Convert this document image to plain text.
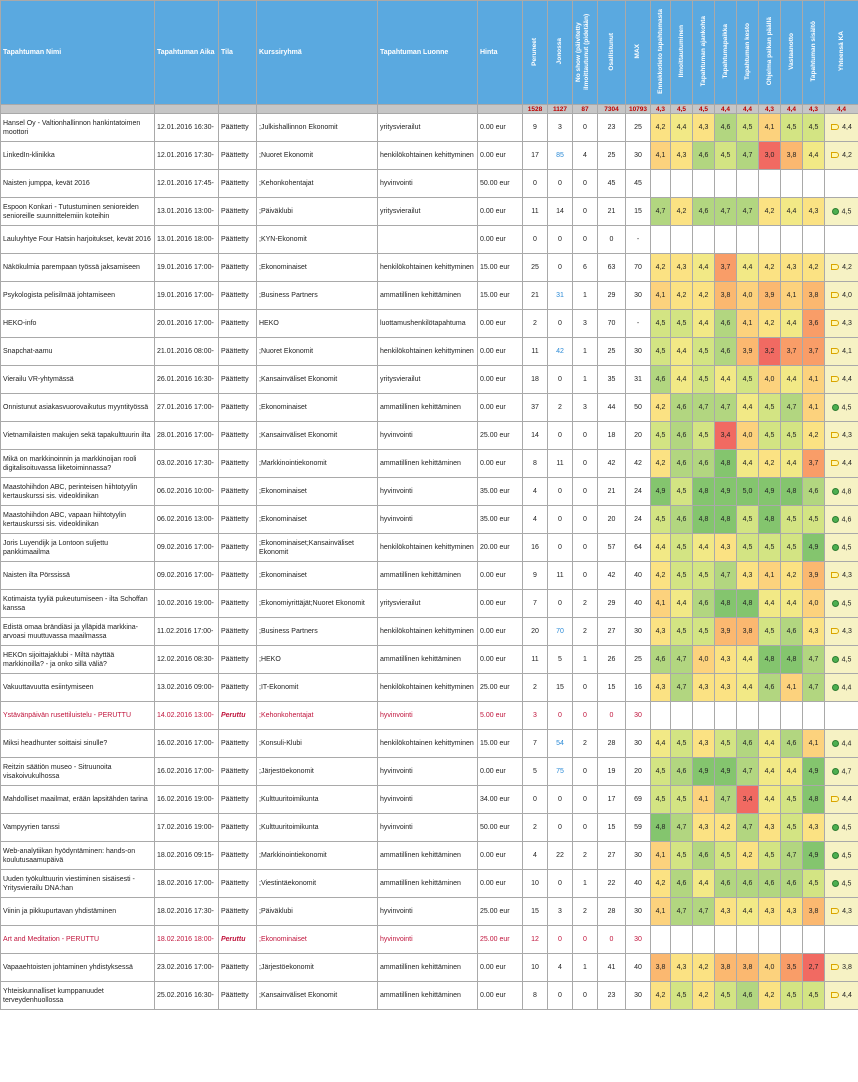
Tapahtuman Nimi	Tapahtuman Aika	Tila	Kurssiryhmä	Tapahtuman Luonne	Hinta	Peruneet	Jonossa	No show (päivitetty ilmoittautunut (pidetään)	Osallistunut	MAX	Ennakkotieto tapahtumasta	Ilmoittautuminen	Tapahtuman ajankohta	Tapahtumapaikka	Tapahtuman kesto	Ohjelma paikan päällä	Vastaanotto	Tapahtuman sisältö	Yhteensä KA
						1528	1127	87	7304	10793	4,3	4,5	4,5	4,4	4,4	4,3	4,4	4,3	4,4
Hansel Oy - Valtionhallinnon hankintatoimen moottori	12.01.2016 16:30-	Päättetty	;Julkishallinnon Ekonomit	yritysvierailut	0.00 eur	9	3	0	23	25	4,2	4,4	4,3	4,6	4,5	4,1	4,5	4,5	4,4
LinkedIn-klinikka	12.01.2016 17:30-	Päättetty	;Nuoret Ekonomit	henkilökohtainen kehittyminen	0.00 eur	17	85	4	25	30	4,1	4,3	4,6	4,5	4,7	3,0	3,8	4,4	4,2
Naisten jumppa, kevät 2016	12.01.2016 17:45-	Päättetty	;Kehonkohentajat	hyvinvointi	50.00 eur	0	0	0	45	45									
Espoon Konkari - Tutustuminen senioreiden senioreille suunnittelemiin koteihin	13.01.2016 13:00-	Päättetty	;Päiväklubi	yritysvierailut	0.00 eur	11	14	0	21	15	4,7	4,2	4,6	4,7	4,7	4,2	4,4	4,3	4,5
Lauluyhtye Four Hatsin harjoitukset, kevät 2016	13.01.2016 18:00-	Päättetty	;KYN-Ekonomit		0.00 eur	0	0	0	0	-									
Näkökulmia parempaan työssä jaksamiseen	19.01.2016 17:00-	Päättetty	;Ekonominaiset	henkilökohtainen kehittyminen	15.00 eur	25	0	6	63	70	4,2	4,3	4,4	3,7	4,4	4,2	4,3	4,2	4,2
Psykologista pelisilmää johtamiseen	19.01.2016 17:00-	Päättetty	;Business Partners	ammatillinen kehittäminen	15.00 eur	21	31	1	29	30	4,1	4,2	4,2	3,8	4,0	3,9	4,1	3,8	4,0
HEKO-info	20.01.2016 17:00-	Päättetty	HEKO	luottamushenkilötapahtuma	0.00 eur	2	0	3	70	-	4,5	4,5	4,4	4,6	4,1	4,2	4,4	3,6	4,3
Snapchat-aamu	21.01.2016 08:00-	Päättetty	;Nuoret Ekonomit	henkilökohtainen kehittyminen	0.00 eur	11	42	1	25	30	4,5	4,4	4,5	4,6	3,9	3,2	3,7	3,7	4,1
Vierailu VR-yhtymässä	26.01.2016 16:30-	Päättetty	;Kansainväliset Ekonomit	yritysvierailut	0.00 eur	18	0	1	35	31	4,6	4,4	4,5	4,4	4,5	4,0	4,4	4,1	4,4
Onnistunut asiakasvuorovaikutus myyntityössä	27.01.2016 17:00-	Päättetty	;Ekonominaiset	ammatillinen kehittäminen	0.00 eur	37	2	3	44	50	4,2	4,6	4,7	4,7	4,4	4,5	4,7	4,1	4,5
Vietnamilaisten makujen sekä tapakulttuurin ilta	28.01.2016 17:00-	Päättetty	;Kansainväliset Ekonomit	hyvinvointi	25.00 eur	14	0	0	18	20	4,5	4,6	4,5	3,4	4,0	4,5	4,5	4,2	4,3
Mikä on markkinoinnin ja markkinoijan rooli digitalisoituvassa liiketoiminnassa?	03.02.2016 17:30-	Päättetty	;Markkinointiekonomit	ammatillinen kehittäminen	0.00 eur	8	11	0	42	42	4,2	4,6	4,6	4,8	4,4	4,2	4,4	3,7	4,4
Maastohiihdon ABC, perinteisen hiihtotyylin kertauskurssi sis. videoklinikan	06.02.2016 10:00-	Päättetty	;Ekonominaiset	hyvinvointi	35.00 eur	4	0	0	21	24	4,9	4,5	4,8	4,9	5,0	4,9	4,8	4,6	4,8
Maastohiihdon ABC, vapaan hiihtotyylin kertauskurssi sis. videoklinikan	06.02.2016 13:00-	Päättetty	;Ekonominaiset	hyvinvointi	35.00 eur	4	0	0	20	24	4,5	4,6	4,8	4,8	4,5	4,8	4,5	4,5	4,6
Joris Luyendijk ja Lontoon suljettu pankkimaailma	09.02.2016 17:00-	Päättetty	;Ekonominaiset;Kansainväliset Ekonomit	henkilökohtainen kehittyminen	20.00 eur	16	0	0	57	64	4,4	4,5	4,4	4,3	4,5	4,5	4,5	4,9	4,5
Naisten ilta Pörssissä	09.02.2016 17:00-	Päättetty	;Ekonominaiset	ammatillinen kehittäminen	0.00 eur	9	11	0	42	40	4,2	4,5	4,5	4,7	4,3	4,1	4,2	3,9	4,3
Kotimaista tyyliä pukeutumiseen - ilta Schoffan kanssa	10.02.2016 19:00-	Päättetty	;Ekonomiyrittäjät;Nuoret Ekonomit	yritysvierailut	0.00 eur	7	0	2	29	40	4,1	4,4	4,6	4,8	4,8	4,4	4,4	4,0	4,5
Edistä omaa brändiäsi ja ylläpidä markkina-arvoasi muuttuvassa maailmassa	11.02.2016 17:00-	Päättetty	;Business Partners	henkilökohtainen kehittyminen	0.00 eur	20	70	2	27	30	4,3	4,5	4,5	3,9	3,8	4,5	4,6	4,3	4,3
HEKOn sijoittajaklubi - Miltä näyttää markkinoilla? - ja onko sillä väliä?	12.02.2016 08:30-	Päättetty	;HEKO	ammatillinen kehittäminen	0.00 eur	11	5	1	26	25	4,6	4,7	4,0	4,3	4,4	4,8	4,8	4,7	4,5
Vakuuttavuutta esiintymiseen	13.02.2016 09:00-	Päättetty	;IT-Ekonomit	henkilökohtainen kehittyminen	25.00 eur	2	15	0	15	16	4,3	4,7	4,3	4,3	4,4	4,6	4,1	4,7	4,4
Ystävänpäivän rusettiluistelu - PERUTTU	14.02.2016 13:00-	Peruttu	;Kehonkohentajat	hyvinvointi	5.00 eur	3	0	0	0	30									
Miksi headhunter soittaisi sinulle?	16.02.2016 17:00-	Päättetty	;Konsuli-Klubi	henkilökohtainen kehittyminen	15.00 eur	7	54	2	28	30	4,4	4,5	4,3	4,5	4,6	4,4	4,6	4,1	4,4
Reitzin säätiön museo - Sitruunoita visakoivukulhossa	16.02.2016 17:00-	Päättetty	;Järjestöekonomit	hyvinvointi	0.00 eur	5	75	0	19	20	4,5	4,6	4,9	4,9	4,7	4,4	4,4	4,9	4,7
Mahdolliset maailmat, erään lapsitähden tarina	16.02.2016 19:00-	Päättetty	;Kulttuuritoimikunta	hyvinvointi	34.00 eur	0	0	0	17	69	4,5	4,5	4,1	4,7	3,4	4,4	4,5	4,8	4,4
Vampyyrien tanssi	17.02.2016 19:00-	Päättetty	;Kulttuuritoimikunta	hyvinvointi	50.00 eur	2	0	0	15	59	4,8	4,7	4,3	4,2	4,7	4,3	4,5	4,3	4,5
Web-analytiikan hyödyntäminen: hands-on koulutusaamupäivä	18.02.2016 09:15-	Päättetty	;Markkinointiekonomit	ammatillinen kehittäminen	0.00 eur	4	22	2	27	30	4,1	4,5	4,6	4,5	4,2	4,5	4,7	4,9	4,5
Uuden työkulttuurin viestiminen sisäisesti - Yritysvierailu DNA:han	18.02.2016 17:00-	Päättetty	;Viestintäekonomit	ammatillinen kehittäminen	0.00 eur	10	0	1	22	40	4,2	4,6	4,4	4,6	4,6	4,6	4,6	4,5	4,5
Viinin ja pikkupurtavan yhdistäminen	18.02.2016 17:30-	Päättetty	;Päiväklubi	hyvinvointi	25.00 eur	15	3	2	28	30	4,1	4,7	4,7	4,3	4,4	4,3	4,3	3,8	4,3
Art and Meditation - PERUTTU	18.02.2016 18:00-	Peruttu	;Ekonominaiset	hyvinvointi	25.00 eur	12	0	0	0	30									
Vapaaehtoisten johtaminen yhdistyksessä	23.02.2016 17:00-	Päättetty	;Järjestöekonomit	ammatillinen kehittäminen	0.00 eur	10	4	1	41	40	3,8	4,3	4,2	3,8	3,8	4,0	3,5	2,7	3,8
Yhteiskunnalliset kumppanuudet terveydenhuollossa	25.02.2016 16:30-	Päättetty	;Kansainväliset Ekonomit	ammatillinen kehittäminen	0.00 eur	8	0	0	23	30	4,2	4,5	4,2	4,5	4,6	4,2	4,5	4,5	4,4
